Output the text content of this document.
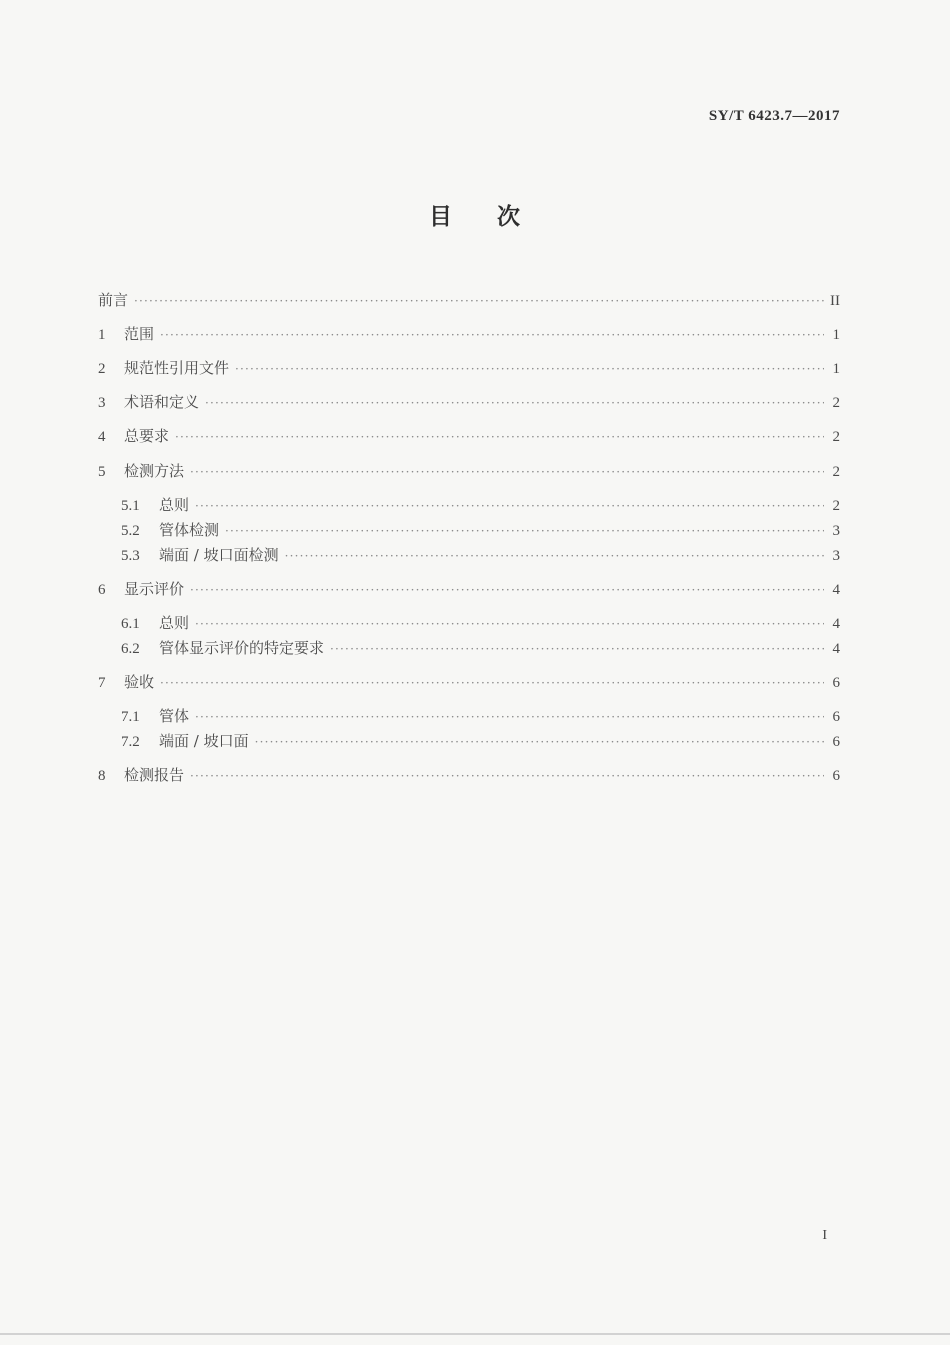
SY/T 6423.7—2017
目 次
前言 ·····	II
1	范围 ·····	1
2	规范性引用文件 ·····	1
3	术语和定义 ·····	2
4	总要求 ·····	2
5	检测方法 ·····	2
5.1	总则 ·····	2
5.2	管体检测 ·····	3
5.3	端面 / 坡口面检测 ·····	3
6	显示评价 ·····	4
6.1	总则 ·····	4
6.2	管体显示评价的特定要求 ·····	4
7	验收 ·····	6
7.1	管体 ·····	6
7.2	端面 / 坡口面 ·····	6
8	检测报告 ·····	6
I
